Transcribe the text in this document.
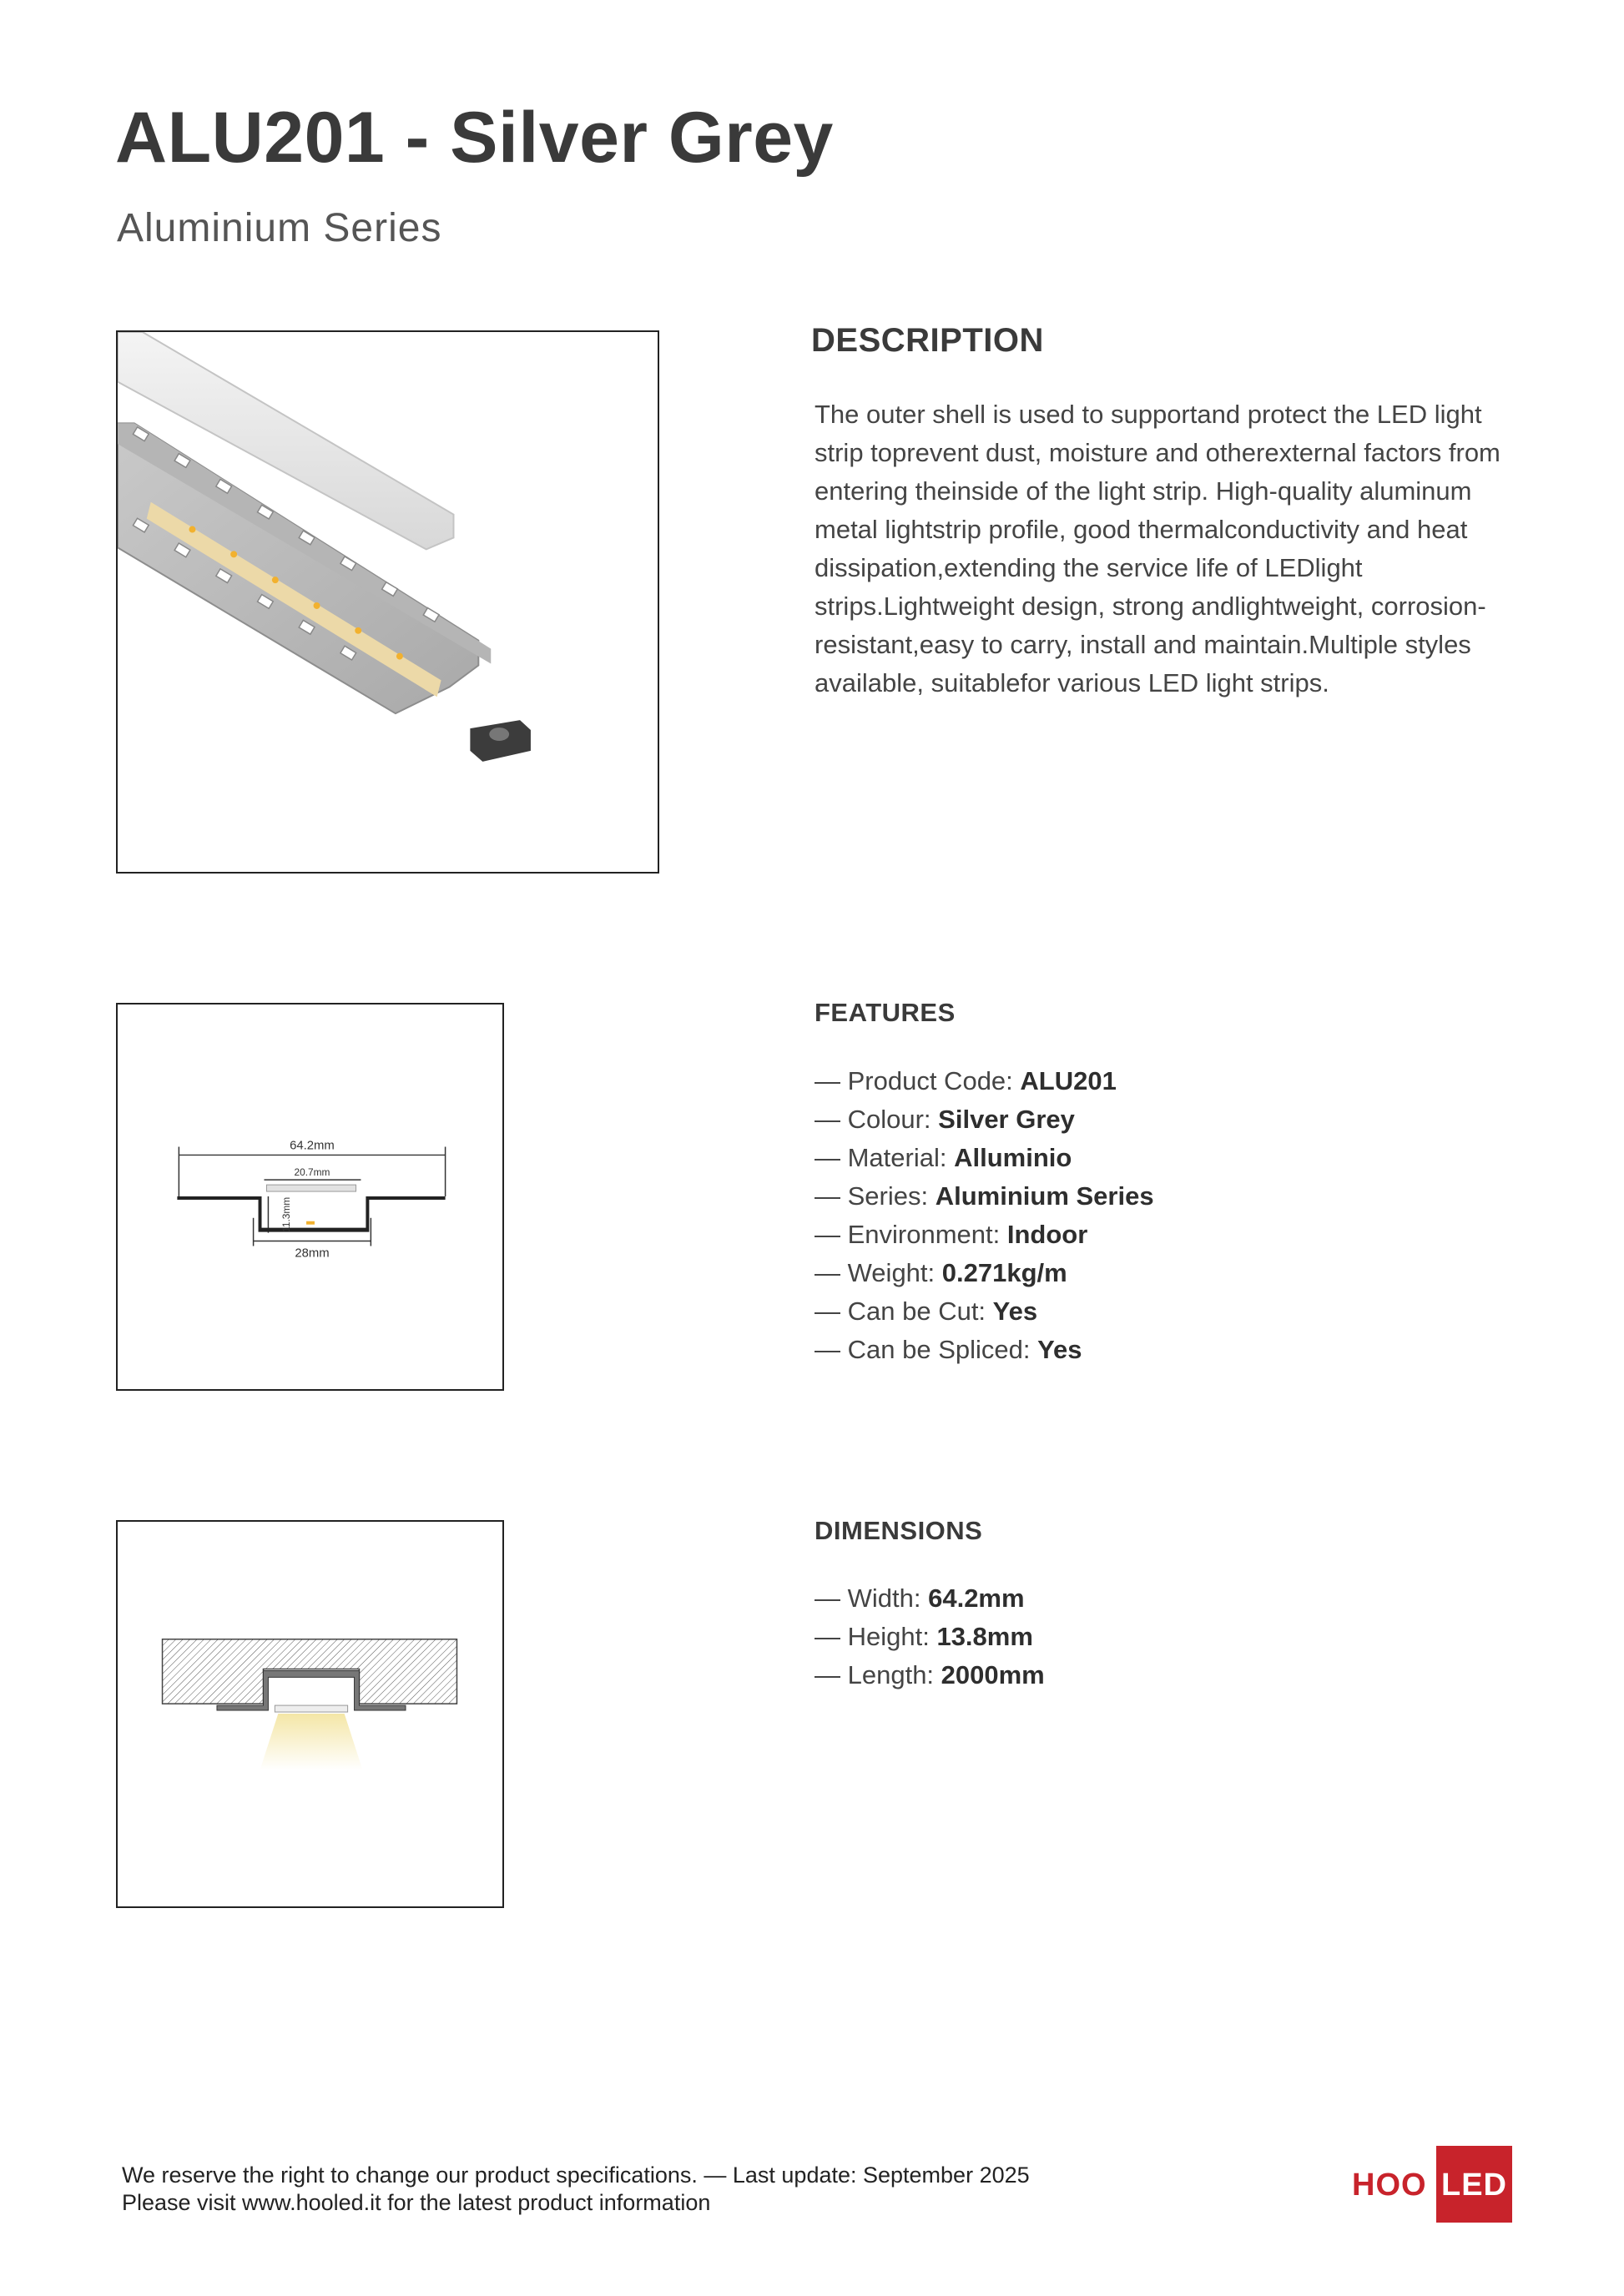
ALU201 - Silver Grey
Aluminium Series
64.2mm
20.7mm
28mm
11.3mm
DESCRIPTION

The outer shell is used to supportand protect the LED light strip toprevent dust, moisture and otherexternal factors from entering theinside of the light strip. High-quality aluminum metal lightstrip profile, good thermalconductivity and heat dissipation,extending the service life of LEDlight strips.Lightweight design, strong andlightweight, corrosion-resistant,easy to carry, install and maintain.Multiple styles available, suitablefor various LED light strips.

FEATURES
— Product Code: ALU201
— Colour: Silver Grey
— Material: Alluminio
— Series: Aluminium Series
— Environment: Indoor
— Weight: 0.271kg/m
— Can be Cut: Yes
— Can be Spliced: Yes
DIMENSIONS
— Width: 64.2mm
— Height: 13.8mm
— Length: 2000mm
We reserve the right to change our product specifications. — Last update: September 2025
Please visit www.hooled.it for the latest product information	HOO LED
